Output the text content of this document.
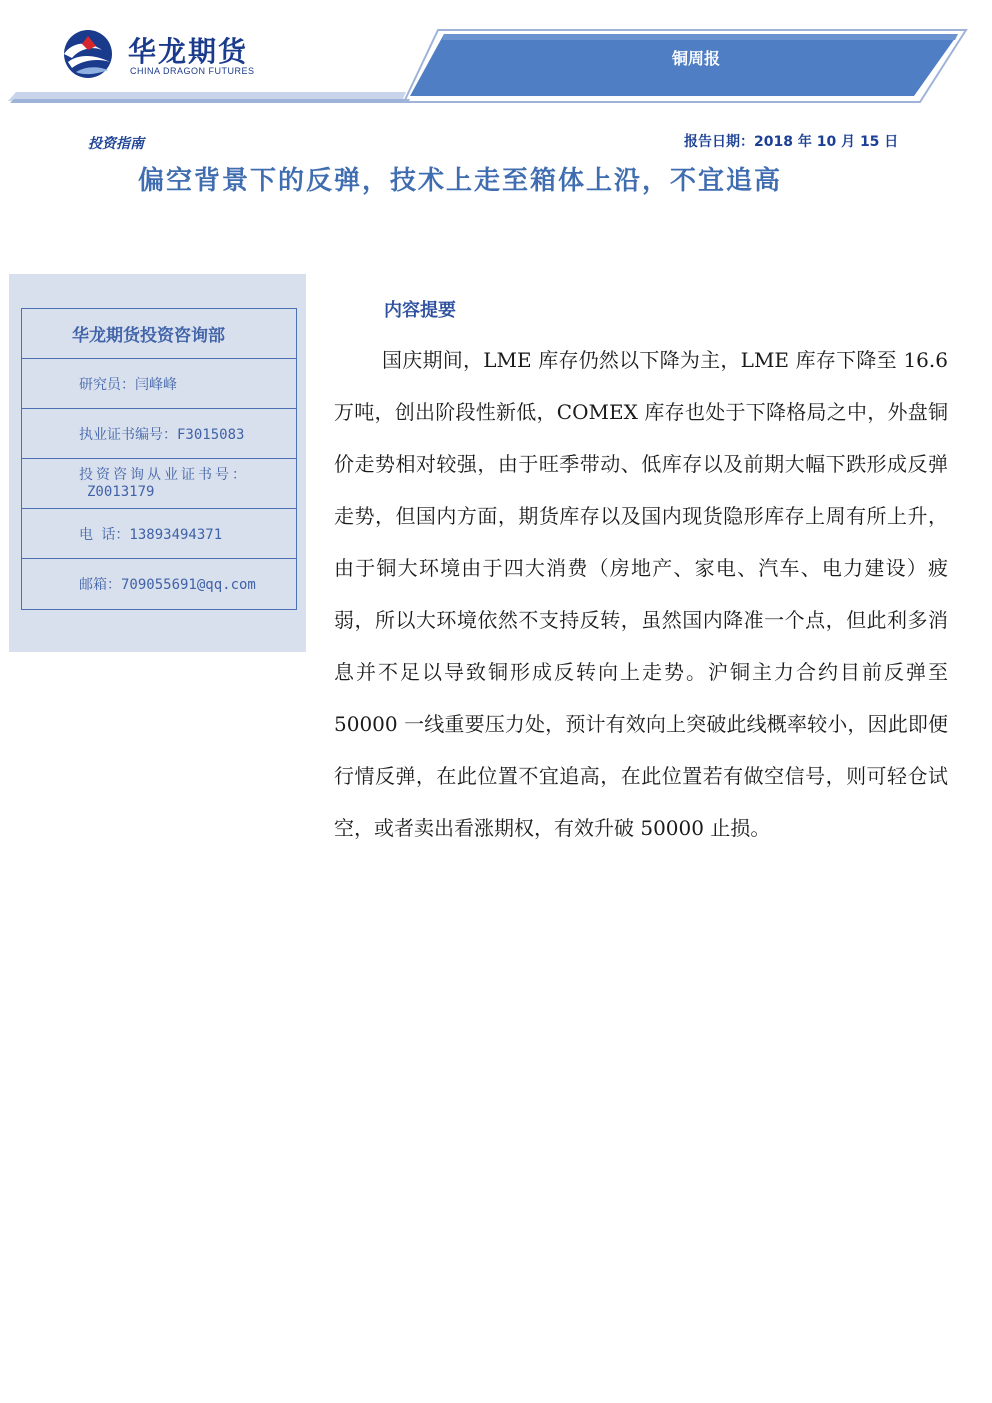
华龙期货
CHINA DRAGON FUTURES
铜周报
投资指南	报告日期：2018 年 10 月 15 日
偏空背景下的反弹，技术上走至箱体上沿，不宜追高
华龙期货投资咨询部
研究员：闫峰峰
执业证书编号：F3015083
投资咨询从业证书号：
Z0013179
电 话：13893494371
邮箱：709055691@qq.com
内容提要

国庆期间，LME 库存仍然以下降为主，LME 库存下降至 16.6 万吨，创出阶段性新低，COMEX 库存也处于下降格局之中，外盘铜价走势相对较强，由于旺季带动、低库存以及前期大幅下跌形成反弹走势，但国内方面，期货库存以及国内现货隐形库存上周有所上升，由于铜大环境由于四大消费（房地产、家电、汽车、电力建设）疲弱，所以大环境依然不支持反转，虽然国内降准一个点，但此利多消息并不足以导致铜形成反转向上走势。沪铜主力合约目前反弹至 50000 一线重要压力处，预计有效向上突破此线概率较小，因此即便行情反弹，在此位置不宜追高，在此位置若有做空信号，则可轻仓试空，或者卖出看涨期权，有效升破 50000 止损。
